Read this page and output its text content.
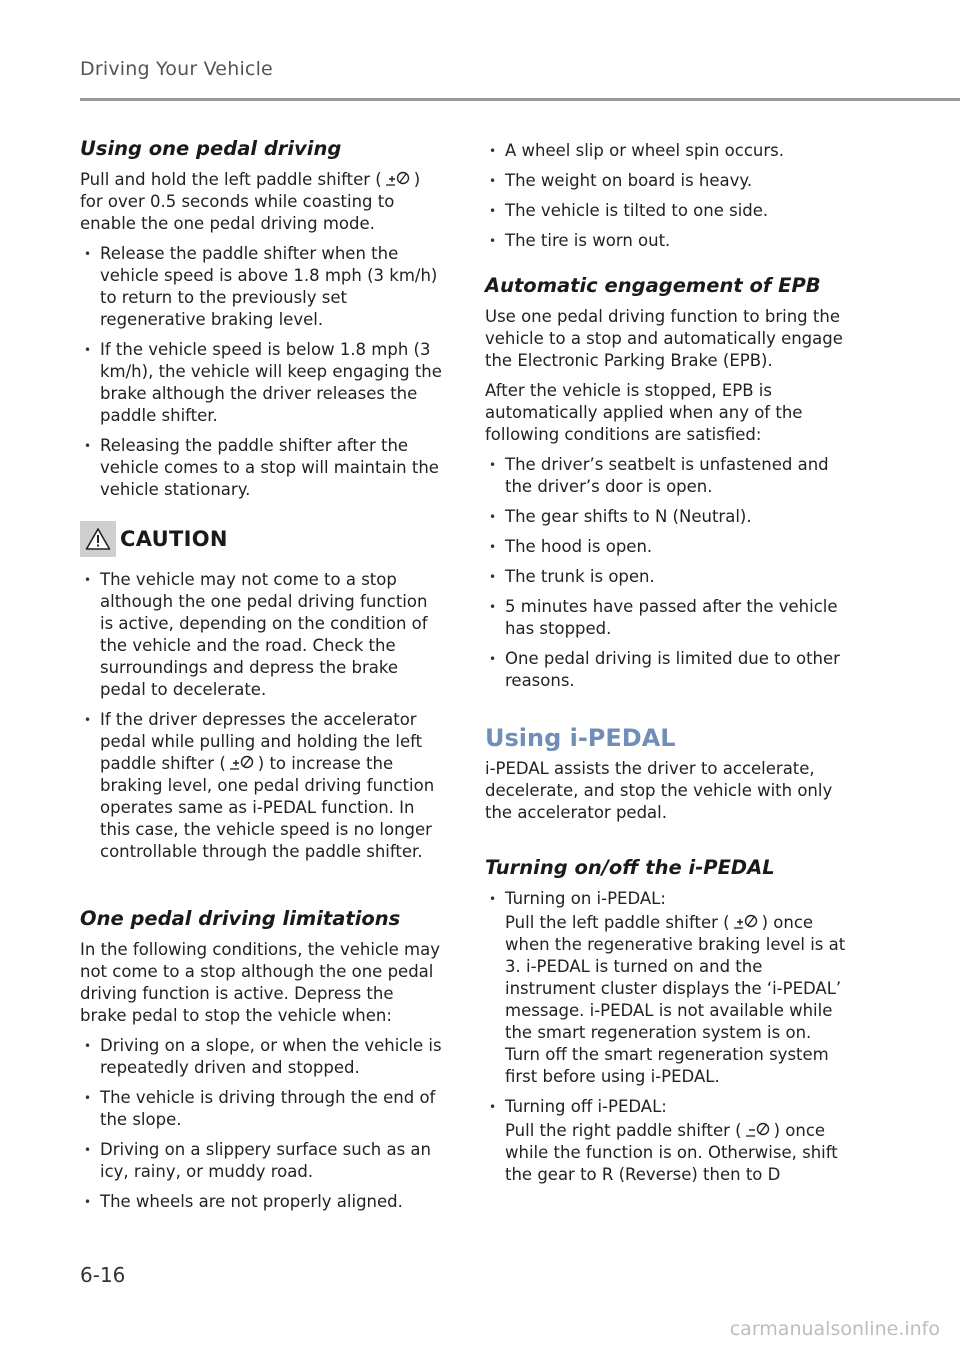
Driving Your Vehicle
Using one pedal driving

Pull and hold the left paddle shifter ( ) for over 0.5 seconds while coasting to enable the one pedal driving mode.

• Release the paddle shifter when the vehicle speed is above 1.8 mph (3 km/h) to return to the previously set regenerative braking level.
• If the vehicle speed is below 1.8 mph (3 km/h), the vehicle will keep engaging the brake although the driver releases the paddle shifter.
• Releasing the paddle shifter after the vehicle comes to a stop will maintain the vehicle stationary.
CAUTION
• The vehicle may not come to a stop although the one pedal driving function is active, depending on the condition of the vehicle and the road. Check the surroundings and depress the brake pedal to decelerate.
• If the driver depresses the accelerator pedal while pulling and holding the left paddle shifter ( ) to increase the braking level, one pedal driving function operates same as i-PEDAL function. In this case, the vehicle speed is no longer controllable through the paddle shifter.
One pedal driving limitations

In the following conditions, the vehicle may not come to a stop although the one pedal driving function is active. Depress the brake pedal to stop the vehicle when:

• Driving on a slope, or when the vehicle is repeatedly driven and stopped.
• The vehicle is driving through the end of the slope.
• Driving on a slippery surface such as an icy, rainy, or muddy road.
• The wheels are not properly aligned.
• A wheel slip or wheel spin occurs.
• The weight on board is heavy.
• The vehicle is tilted to one side.
• The tire is worn out.
Automatic engagement of EPB

Use one pedal driving function to bring the vehicle to a stop and automatically engage the Electronic Parking Brake (EPB).

After the vehicle is stopped, EPB is automatically applied when any of the following conditions are satisfied:

• The driver’s seatbelt is unfastened and the driver’s door is open.
• The gear shifts to N (Neutral).
• The hood is open.
• The trunk is open.
• 5 minutes have passed after the vehicle has stopped.
• One pedal driving is limited due to other reasons.
Using i-PEDAL

i-PEDAL assists the driver to accelerate, decelerate, and stop the vehicle with only the accelerator pedal.

Turning on/off the i-PEDAL
• Turning on i-PEDAL:

Pull the left paddle shifter ( ) once when the regenerative braking level is at 3. i-PEDAL is turned on and the instrument cluster displays the ‘i-PEDAL’ message. i-PEDAL is not available while the smart regeneration system is on. Turn off the smart regeneration system first before using i-PEDAL.

• Turning off i-PEDAL:

Pull the right paddle shifter ( ) once while the function is on. Otherwise, shift the gear to R (Reverse) then to D

6-16
carmanualsonline.info
